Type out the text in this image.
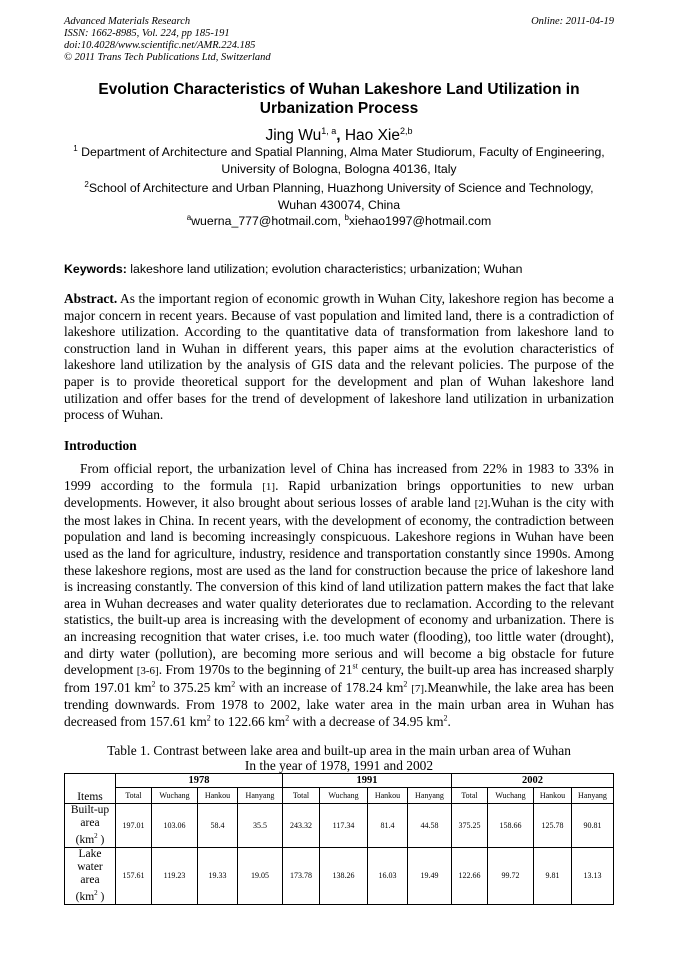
Advanced Materials Research
ISSN: 1662-8985, Vol. 224, pp 185-191
doi:10.4028/www.scientific.net/AMR.224.185
© 2011 Trans Tech Publications Ltd, Switzerland
Online: 2011-04-19
Evolution Characteristics of Wuhan Lakeshore Land Utilization in Urbanization Process
Jing Wu$^{1, a}$, Hao Xie$^{2,b}$
$^1$ Department of Architecture and Spatial Planning, Alma Mater Studiorum, Faculty of Engineering, University of Bologna, Bologna 40136, Italy
$^2$School of Architecture and Urban Planning, Huazhong University of Science and Technology, Wuhan 430074, China
$^a$wuerna_777@hotmail.com, $^b$xiehao1997@hotmail.com
Keywords: lakeshore land utilization; evolution characteristics; urbanization; Wuhan
Abstract. As the important region of economic growth in Wuhan City, lakeshore region has become a major concern in recent years. Because of vast population and limited land, there is a contradiction of lakeshore utilization. According to the quantitative data of transformation from lakeshore land to construction land in Wuhan in different years, this paper aims at the evolution characteristics of lakeshore land utilization by the analysis of GIS data and the relevant policies. The purpose of the paper is to provide theoretical support for the development and plan of Wuhan lakeshore land utilization and offer bases for the trend of development of lakeshore land utilization in urbanization process of Wuhan.
Introduction
From official report, the urbanization level of China has increased from 22% in 1983 to 33% in 1999 according to the formula [1]. Rapid urbanization brings opportunities to new urban developments. However, it also brought about serious losses of arable land [2].Wuhan is the city with the most lakes in China. In recent years, with the development of economy, the contradiction between population and land is becoming increasingly conspicuous. Lakeshore regions in Wuhan have been used as the land for agriculture, industry, residence and transportation constantly since 1990s. Among these lakeshore regions, most are used as the land for construction because the price of lakeshore land is increasing constantly. The conversion of this kind of land utilization pattern makes the fact that lake area in Wuhan decreases and water quality deteriorates due to reclamation. According to the relevant statistics, the built-up area is increasing with the development of economy and urbanization. There is an increasing recognition that water crises, i.e. too much water (flooding), too little water (drought), and dirty water (pollution), are becoming more serious and will become a big obstacle for future development [3-6]. From 1970s to the beginning of 21st century, the built-up area has increased sharply from 197.01 $km^2$ to 375.25 $km^2$ with an increase of 178.24 $km^2$ [7].Meanwhile, the lake area has been trending downwards. From 1978 to 2002, lake water area in the main urban area in Wuhan has decreased from 157.61 $km^2$ to 122.66 $km^2$ with a decrease of 34.95 $km^2$.
Table 1. Contrast between lake area and built-up area in the main urban area of Wuhan
In the year of 1978, 1991 and 2002
Items	1978				1991				2002			
	Total	Wuchang	Hankou	Hanyang	Total	Wuchang	Hankou	Hanyang	Total	Wuchang	Hankou	Hanyang
Built-up
area
($km^2$ )	197.01	103.06	58.4	35.5	243.32	117.34	81.4	44.58	375.25	158.66	125.78	90.81
Lake
water
area
($km^2$ )	157.61	119.23	19.33	19.05	173.78	138.26	16.03	19.49	122.66	99.72	9.81	13.13
